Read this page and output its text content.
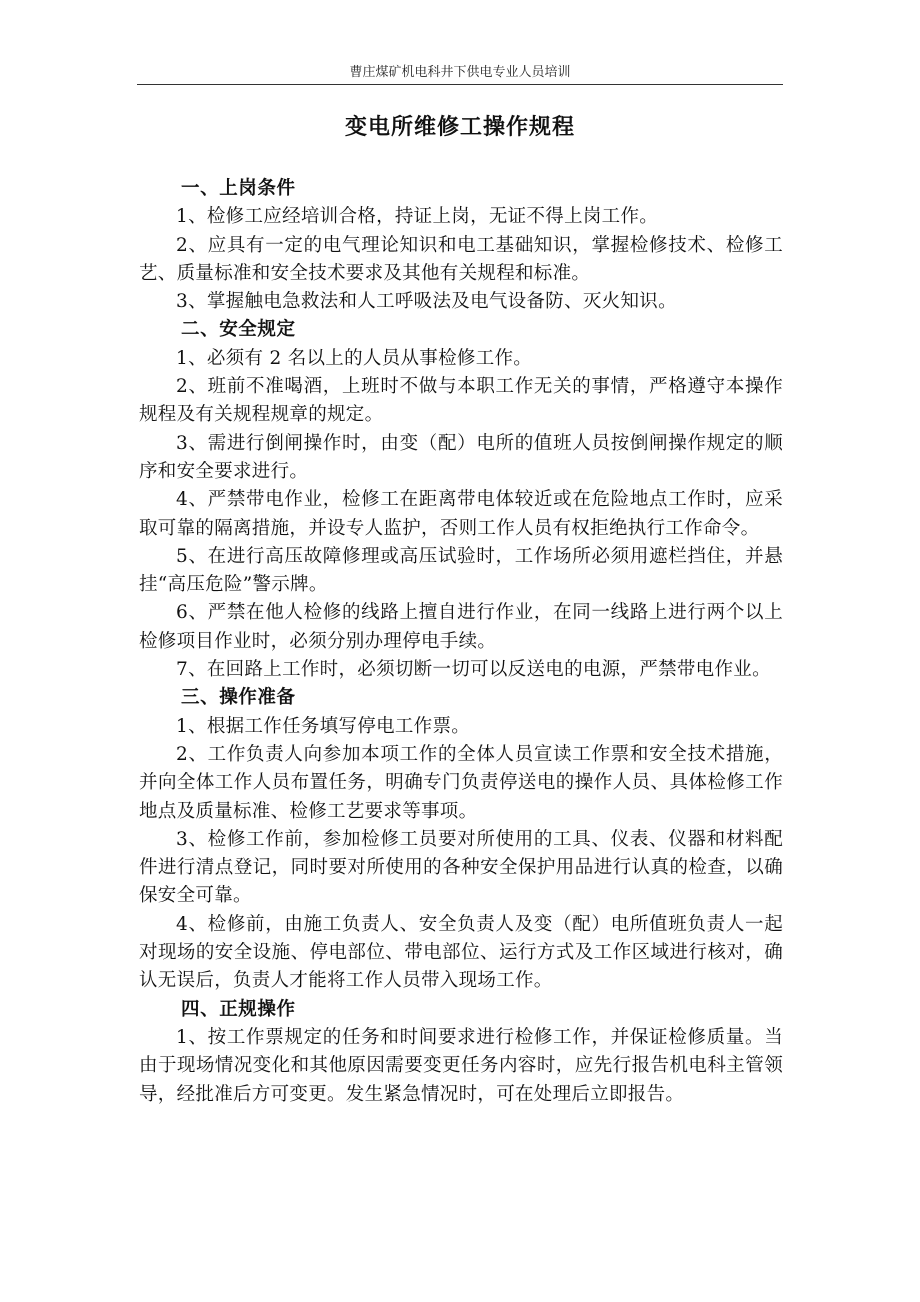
曹庄煤矿机电科井下供电专业人员培训
变电所维修工操作规程

一、上岗条件

1、检修工应经培训合格，持证上岗，无证不得上岗工作。

2、应具有一定的电气理论知识和电工基础知识，掌握检修技术、检修工艺、质量标准和安全技术要求及其他有关规程和标准。

3、掌握触电急救法和人工呼吸法及电气设备防、灭火知识。

二、安全规定

1、必须有 2 名以上的人员从事检修工作。

2、班前不准喝酒，上班时不做与本职工作无关的事情，严格遵守本操作规程及有关规程规章的规定。

3、需进行倒闸操作时，由变（配）电所的值班人员按倒闸操作规定的顺序和安全要求进行。

4、严禁带电作业，检修工在距离带电体较近或在危险地点工作时，应采取可靠的隔离措施，并设专人监护，否则工作人员有权拒绝执行工作命令。

5、在进行高压故障修理或高压试验时，工作场所必须用遮栏挡住，并悬挂“高压危险”警示牌。

6、严禁在他人检修的线路上擅自进行作业，在同一线路上进行两个以上检修项目作业时，必须分别办理停电手续。

7、在回路上工作时，必须切断一切可以反送电的电源，严禁带电作业。

三、操作准备

1、根据工作任务填写停电工作票。

2、工作负责人向参加本项工作的全体人员宣读工作票和安全技术措施，并向全体工作人员布置任务，明确专门负责停送电的操作人员、具体检修工作地点及质量标准、检修工艺要求等事项。

3、检修工作前，参加检修工员要对所使用的工具、仪表、仪器和材料配件进行清点登记，同时要对所使用的各种安全保护用品进行认真的检查，以确保安全可靠。

4、检修前，由施工负责人、安全负责人及变（配）电所值班负责人一起对现场的安全设施、停电部位、带电部位、运行方式及工作区域进行核对，确认无误后，负责人才能将工作人员带入现场工作。

四、正规操作

1、按工作票规定的任务和时间要求进行检修工作，并保证检修质量。当由于现场情况变化和其他原因需要变更任务内容时，应先行报告机电科主管领导，经批准后方可变更。发生紧急情况时，可在处理后立即报告。
